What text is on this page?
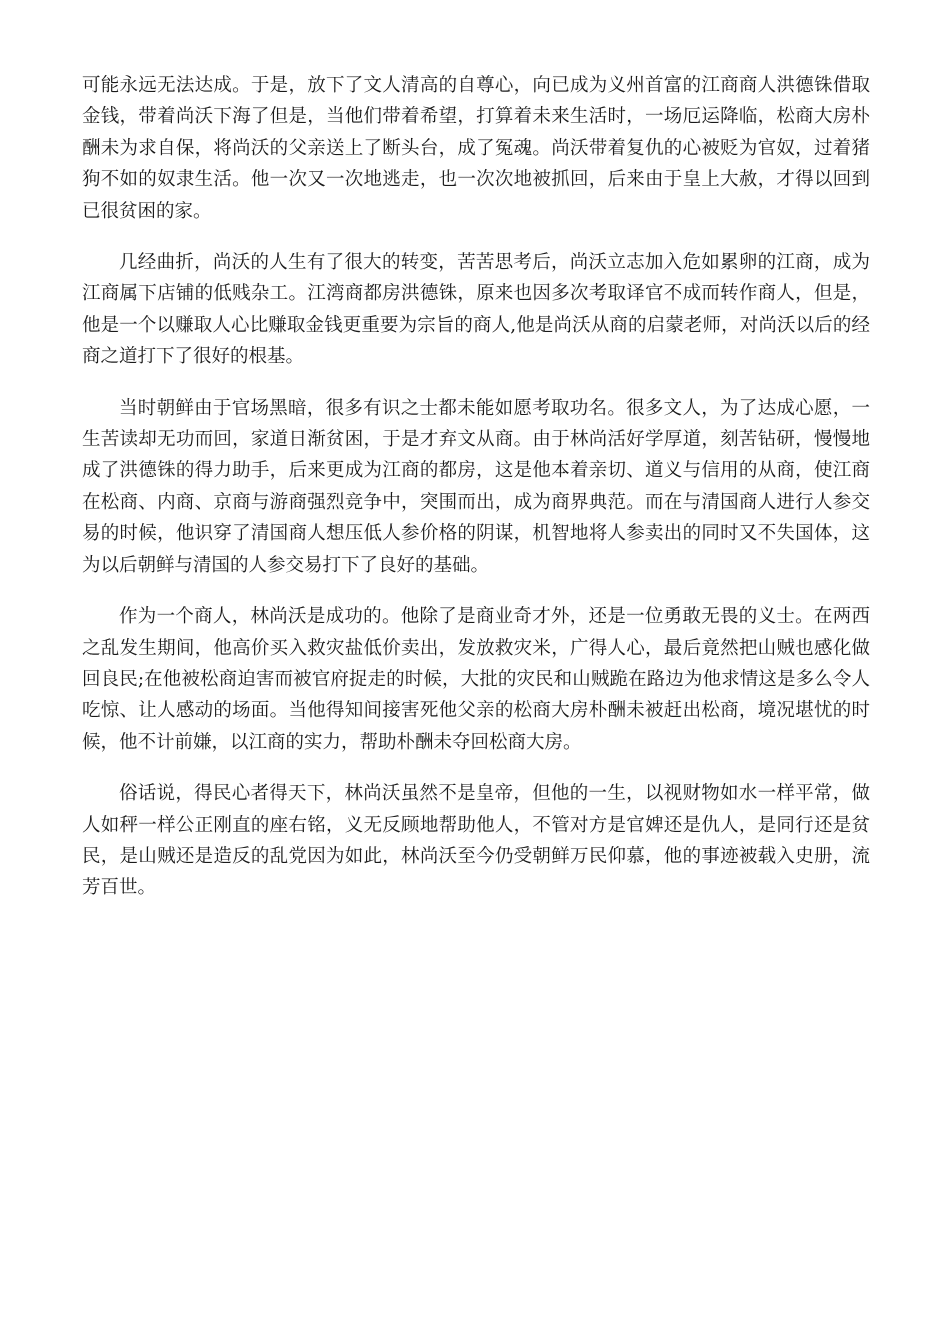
可能永远无法达成。于是，放下了文人清高的自尊心，向已成为义州首富的江商商人洪德铢借取金钱，带着尚沃下海了但是，当他们带着希望，打算着未来生活时，一场厄运降临，松商大房朴酬未为求自保，将尚沃的父亲送上了断头台，成了冤魂。尚沃带着复仇的心被贬为官奴，过着猪狗不如的奴隶生活。他一次又一次地逃走，也一次次地被抓回，后来由于皇上大赦，才得以回到已很贫困的家。

几经曲折，尚沃的人生有了很大的转变，苦苦思考后，尚沃立志加入危如累卵的江商，成为江商属下店铺的低贱杂工。江湾商都房洪德铢，原来也因多次考取译官不成而转作商人，但是，他是一个以赚取人心比赚取金钱更重要为宗旨的商人,他是尚沃从商的启蒙老师，对尚沃以后的经商之道打下了很好的根基。

当时朝鲜由于官场黑暗，很多有识之士都未能如愿考取功名。很多文人，为了达成心愿，一生苦读却无功而回，家道日渐贫困，于是才弃文从商。由于林尚活好学厚道，刻苦钻研，慢慢地成了洪德铢的得力助手，后来更成为江商的都房，这是他本着亲切、道义与信用的从商，使江商在松商、内商、京商与游商强烈竞争中，突围而出，成为商界典范。而在与清国商人进行人参交易的时候，他识穿了清国商人想压低人参价格的阴谋，机智地将人参卖出的同时又不失国体，这为以后朝鲜与清国的人参交易打下了良好的基础。

作为一个商人，林尚沃是成功的。他除了是商业奇才外，还是一位勇敢无畏的义士。在两西之乱发生期间，他高价买入救灾盐低价卖出，发放救灾米，广得人心，最后竟然把山贼也感化做回良民;在他被松商迫害而被官府捉走的时候，大批的灾民和山贼跪在路边为他求情这是多么令人吃惊、让人感动的场面。当他得知间接害死他父亲的松商大房朴酬未被赶出松商，境况堪忧的时候，他不计前嫌，以江商的实力，帮助朴酬未夺回松商大房。

俗话说，得民心者得天下，林尚沃虽然不是皇帝，但他的一生，以视财物如水一样平常，做人如秤一样公正刚直的座右铭，义无反顾地帮助他人，不管对方是官婢还是仇人，是同行还是贫民，是山贼还是造反的乱党因为如此，林尚沃至今仍受朝鲜万民仰慕，他的事迹被载入史册，流芳百世。
